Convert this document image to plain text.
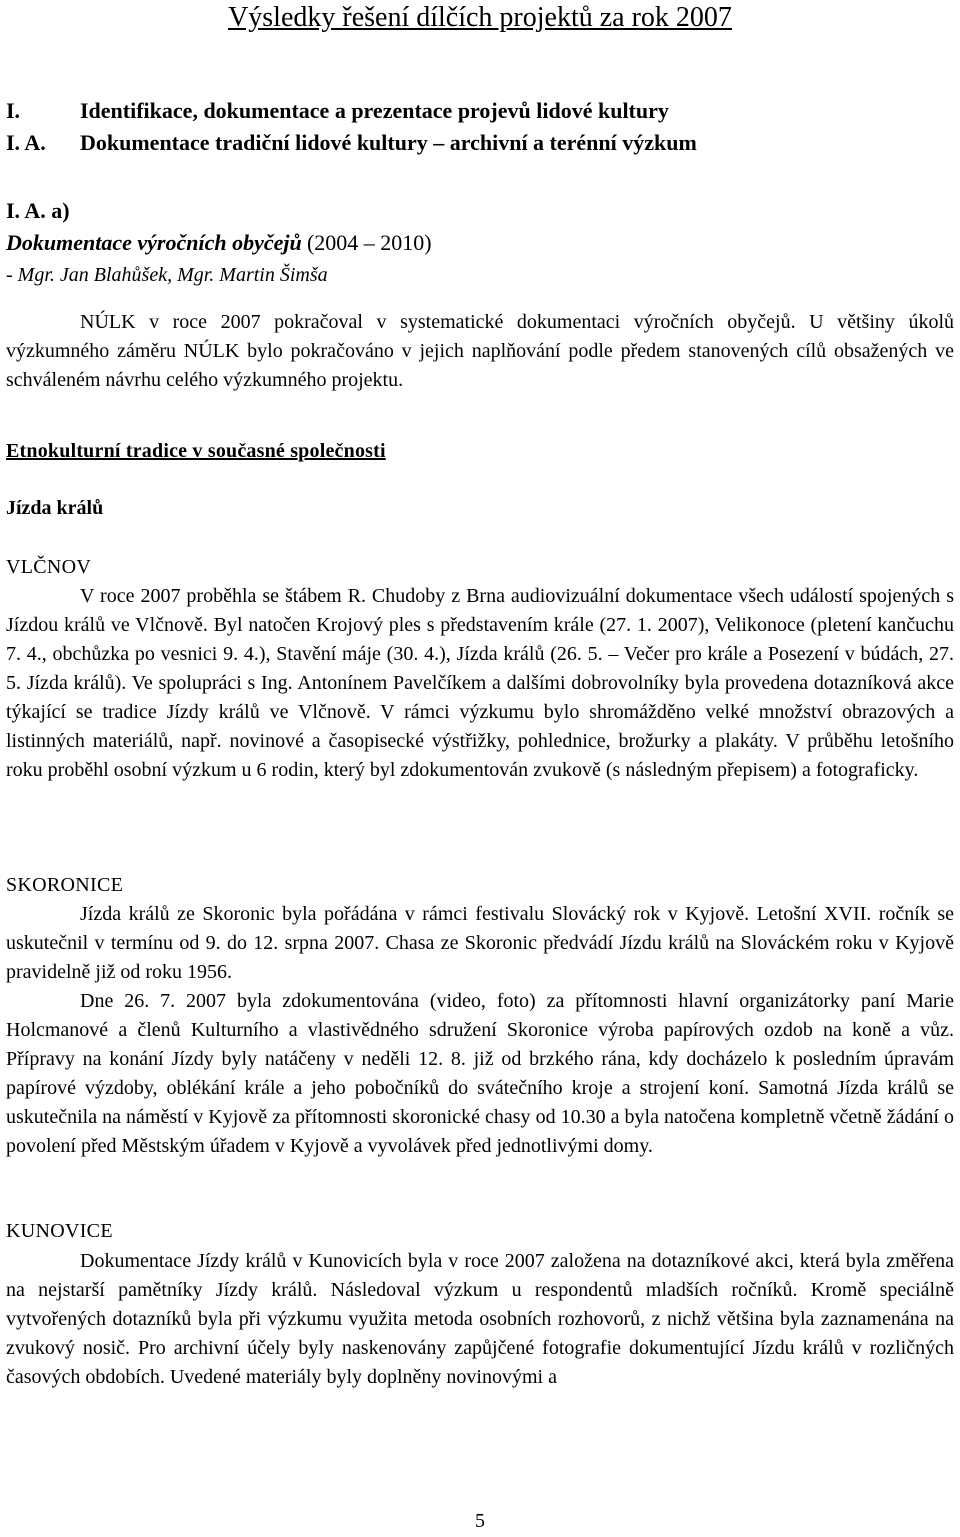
Výsledky řešení dílčích projektů za rok 2007
I.	Identifikace, dokumentace a prezentace projevů lidové kultury
I. A. Dokumentace tradiční lidové kultury – archivní a terénní výzkum
I. A. a)
Dokumentace výročních obyčejů (2004 – 2010)
- Mgr. Jan Blahůšek, Mgr. Martin Šimša

NÚLK v roce 2007 pokračoval v systematické dokumentaci výročních obyčejů. U většiny úkolů výzkumného záměru NÚLK bylo pokračováno v jejich naplňování podle předem stanovených cílů obsažených ve schváleném návrhu celého výzkumného projektu.

Etnokulturní tradice v současné společnosti
Jízda králů
VLČNOV

V roce 2007 proběhla se štábem R. Chudoby z Brna audiovizuální dokumentace všech událostí spojených s Jízdou králů ve Vlčnově. Byl natočen Krojový ples s představením krále (27. 1. 2007), Velikonoce (pletení kančuchu 7. 4., obchůzka po vesnici 9. 4.), Stavění máje (30. 4.), Jízda králů (26. 5. – Večer pro krále a Posezení v búdách, 27. 5. Jízda králů). Ve spolupráci s Ing. Antonínem Pavelčíkem a dalšími dobrovolníky byla provedena dotazníková akce týkající se tradice Jízdy králů ve Vlčnově. V rámci výzkumu bylo shromážděno velké množství obrazových a listinných materiálů, např. novinové a časopisecké výstřižky, pohlednice, brožurky a plakáty. V průběhu letošního roku proběhl osobní výzkum u 6 rodin, který byl zdokumentován zvukově (s následným přepisem) a fotograficky.

SKORONICE

Jízda králů ze Skoronic byla pořádána v rámci festivalu Slovácký rok v Kyjově. Letošní XVII. ročník se uskutečnil v termínu od 9. do 12. srpna 2007. Chasa ze Skoronic předvádí Jízdu králů na Slováckém roku v Kyjově pravidelně již od roku 1956.

Dne 26. 7. 2007 byla zdokumentována (video, foto) za přítomnosti hlavní organizátorky paní Marie Holcmanové a členů Kulturního a vlastivědného sdružení Skoronice výroba papírových ozdob na koně a vůz. Přípravy na konání Jízdy byly natáčeny v neděli 12. 8. již od brzkého rána, kdy docházelo k posledním úpravám papírové výzdoby, oblékání krále a jeho pobočníků do svátečního kroje a strojení koní. Samotná Jízda králů se uskutečnila na náměstí v Kyjově za přítomnosti skoronické chasy od 10.30 a byla natočena kompletně včetně žádání o povolení před Městským úřadem v Kyjově a vyvolávek před jednotlivými domy.

KUNOVICE

Dokumentace Jízdy králů v Kunovicích byla v roce 2007 založena na dotazníkové akci, která byla změřena na nejstarší pamětníky Jízdy králů. Následoval výzkum u respondentů mladších ročníků. Kromě speciálně vytvořených dotazníků byla při výzkumu využita metoda osobních rozhovorů, z nichž většina byla zaznamenána na zvukový nosič. Pro archivní účely byly naskenovány zapůjčené fotografie dokumentující Jízdu králů v rozličných časových obdobích. Uvedené materiály byly doplněny novinovými a

5
